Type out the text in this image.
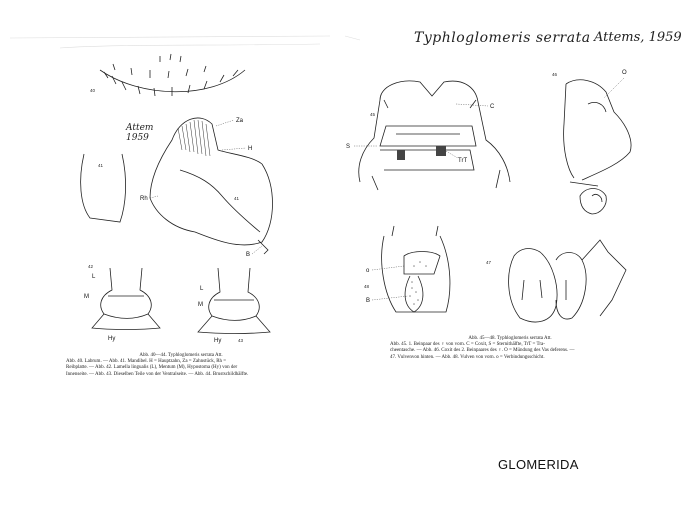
40
41
41
Za
H
Rh
B
42
L
M
Hy
L
M
Hy	43
45
C
S
TrT
46	O
47
48
o
B
Typhloglomeris serrata Attems, 1959
Attem
1959
Abb. 40—44. Typhloglomeris serrata Att.
Abb. 40. Labrum. — Abb. 41. Mandibel. H = Hauptzahn, Za = Zahnstück, Rh =
Reibplatte. — Abb. 42. Lamella lingualis (L), Mentum (M), Hypostoma (Hy) von der
Innenseite. — Abb. 43. Dieselben Teile von der Ventralseite. — Abb. 44. Brustschildhälfte.
Abb. 45—48. Typhloglomeris serrata Att.
Abb. 45. 1. Beinpaar des ♀ von vorn. C = Coxit, S = Sternithälfte, TrT = Tra-
cheentasche. — Abb. 46. Coxit des 2. Beinpaares des ♀. O = Mündung des Vas deferens. —
47. Vulvenvon hinten. — Abb. 48. Vulven von vorn. o = Verbindungsschicht.
GLOMERIDA
